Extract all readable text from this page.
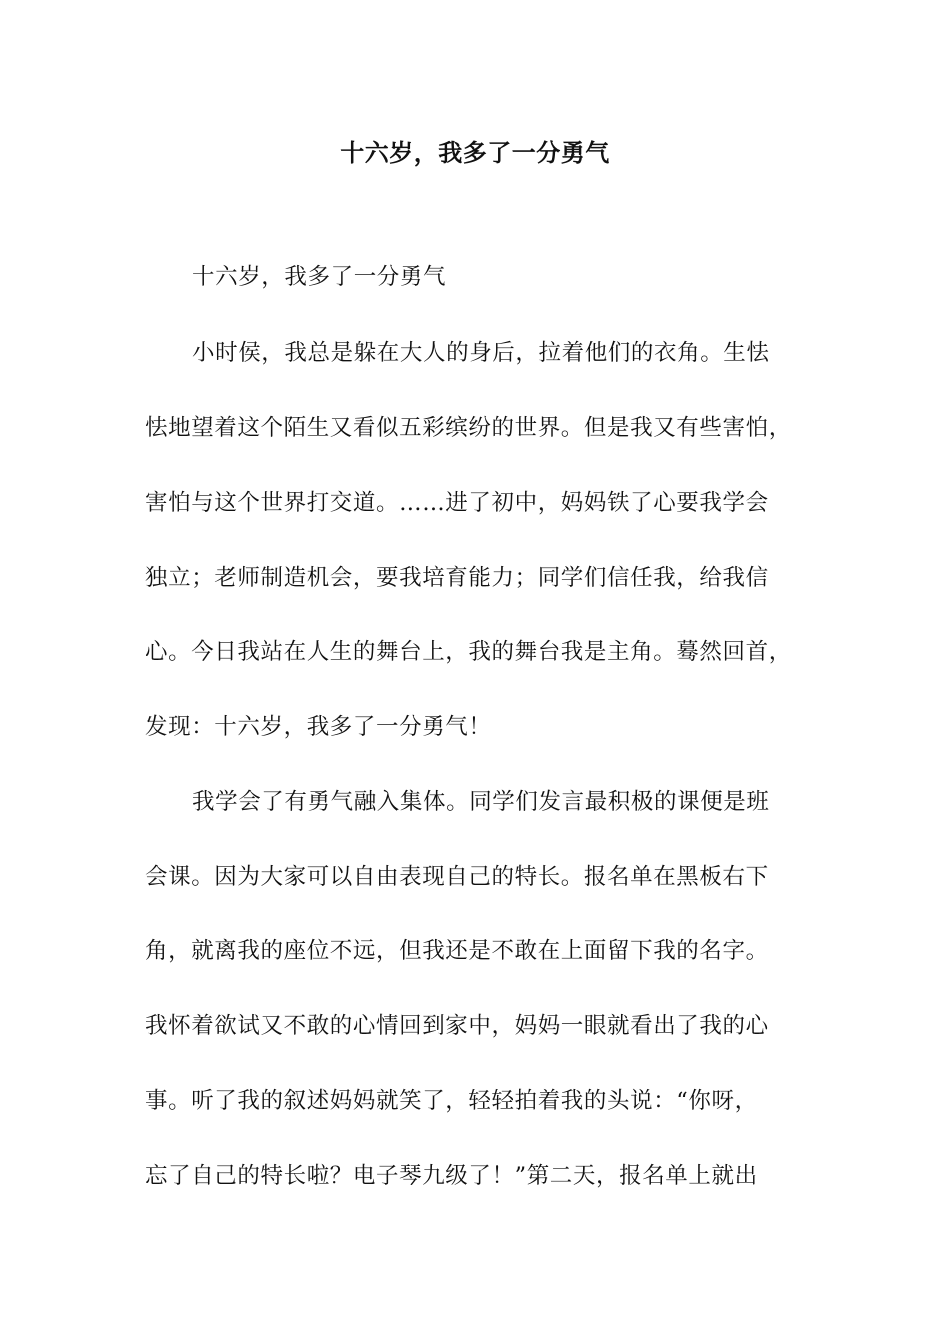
十六岁，我多了一分勇气
十六岁，我多了一分勇气
小时侯，我总是躲在大人的身后，拉着他们的衣角。生怯
怯地望着这个陌生又看似五彩缤纷的世界。但是我又有些害怕，
害怕与这个世界打交道。……进了初中，妈妈铁了心要我学会
独立；老师制造机会，要我培育能力；同学们信任我，给我信
心。今日我站在人生的舞台上，我的舞台我是主角。蓦然回首，
发现：十六岁，我多了一分勇气！
我学会了有勇气融入集体。同学们发言最积极的课便是班
会课。因为大家可以自由表现自己的特长。报名单在黑板右下
角，就离我的座位不远，但我还是不敢在上面留下我的名字。
我怀着欲试又不敢的心情回到家中，妈妈一眼就看出了我的心
事。听了我的叙述妈妈就笑了，轻轻拍着我的头说：“你呀，
忘了自己的特长啦？电子琴九级了！”第二天，报名单上就出
